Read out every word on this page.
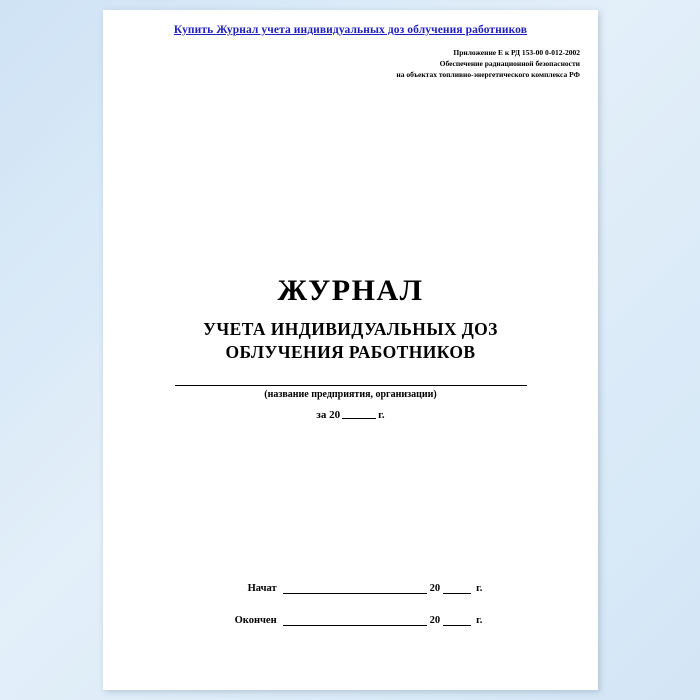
Купить Журнал учета индивидуальных доз облучения работников
Приложение Е к РД 153-00 0-012-2002
Обеспечение радиационной безопасности
на объектах топливно-энергетического комплекса РФ
ЖУРНАЛ
УЧЕТА ИНДИВИДУАЛЬНЫХ ДОЗ
ОБЛУЧЕНИЯ РАБОТНИКОВ
(название предприятия, организации)
за 20	г.
Начат	20	г.
Окончен	20	г.
